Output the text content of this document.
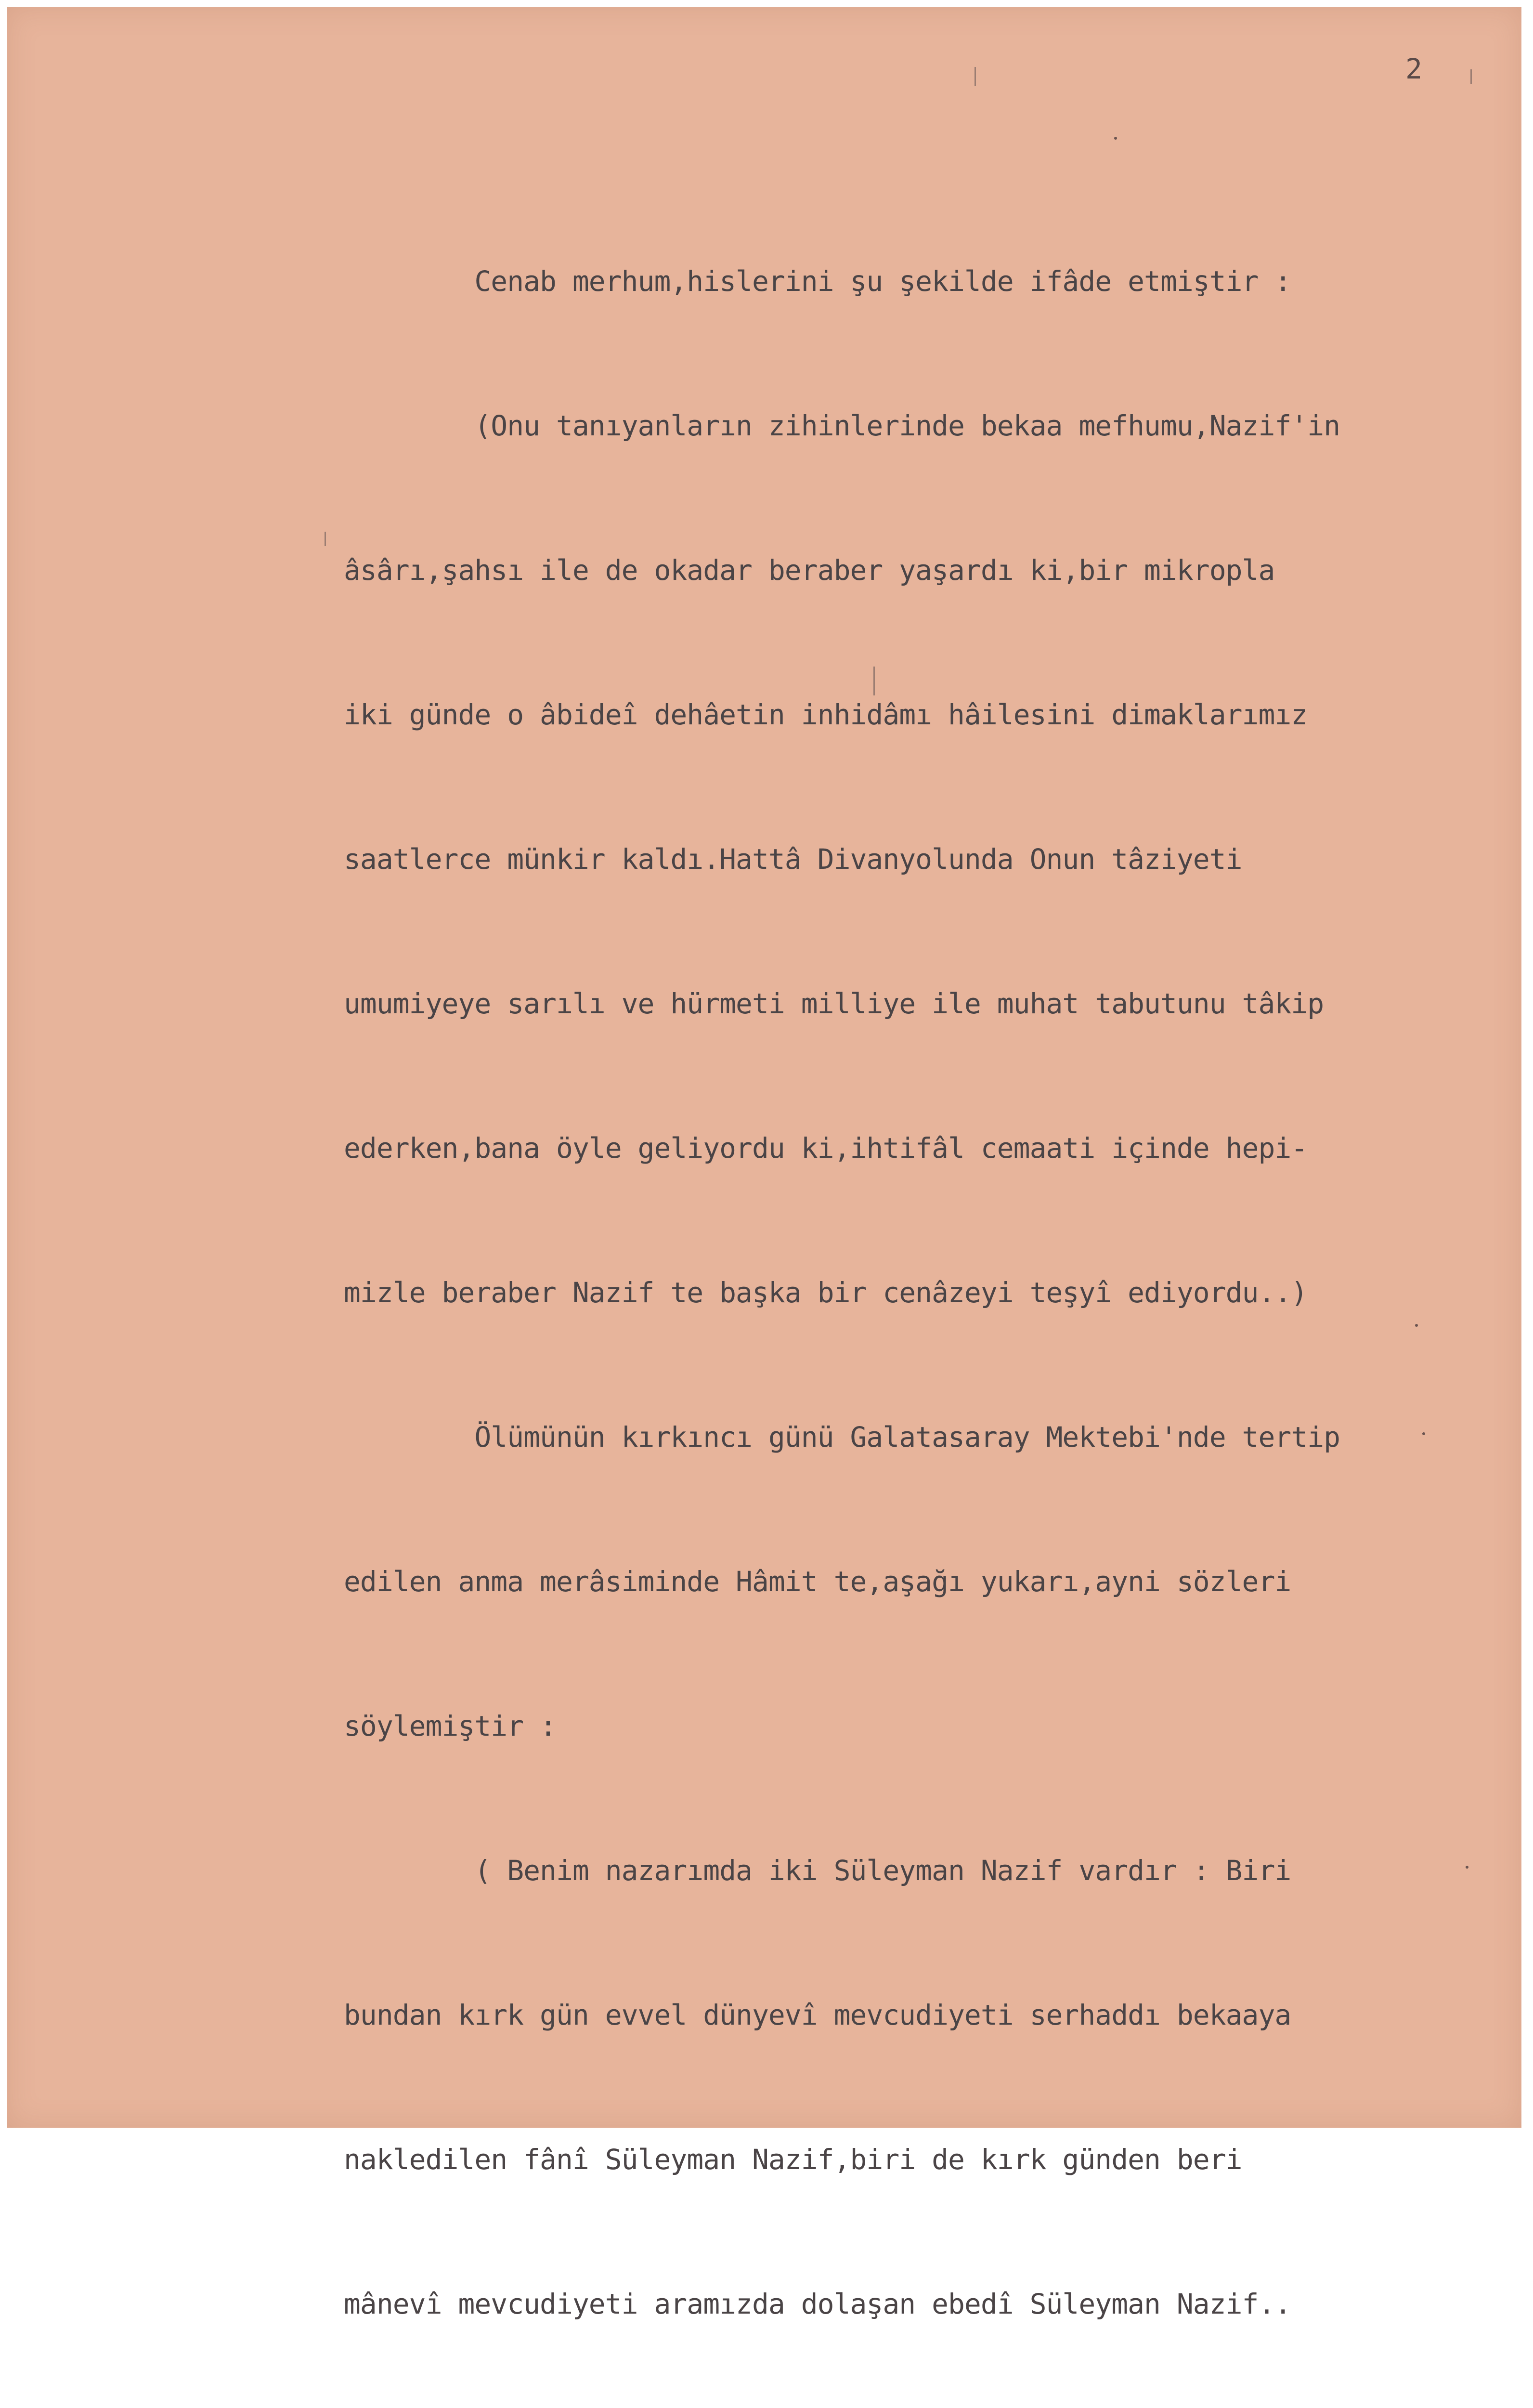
2

Cenab merhum,hislerini şu şekilde ifâde etmiştir :

(Onu tanıyanların zihinlerinde bekaa mefhumu,Nazif'in

âsârı,şahsı ile de okadar beraber yaşardı ki,bir mikropla

iki günde o âbideî dehâetin inhidâmı hâilesini dimaklarımız

saatlerce münkir kaldı.Hattâ Divanyolunda Onun tâziyeti

umumiyeye sarılı ve hürmeti milliye ile muhat tabutunu tâkip

ederken,bana öyle geliyordu ki,ihtifâl cemaati içinde hepi-

mizle beraber Nazif te başka bir cenâzeyi teşyî ediyordu..)

Ölümünün kırkıncı günü Galatasaray Mektebi'nde tertip

edilen anma merâsiminde Hâmit te,aşağı yukarı,ayni sözleri

söylemiştir :

( Benim nazarımda iki Süleyman Nazif vardır : Biri

bundan kırk gün evvel dünyevî mevcudiyeti serhaddı bekaaya

nakledilen fânî Süleyman Nazif,biri de kırk günden beri

mânevî mevcudiyeti aramızda dolaşan ebedî Süleyman Nazif..
